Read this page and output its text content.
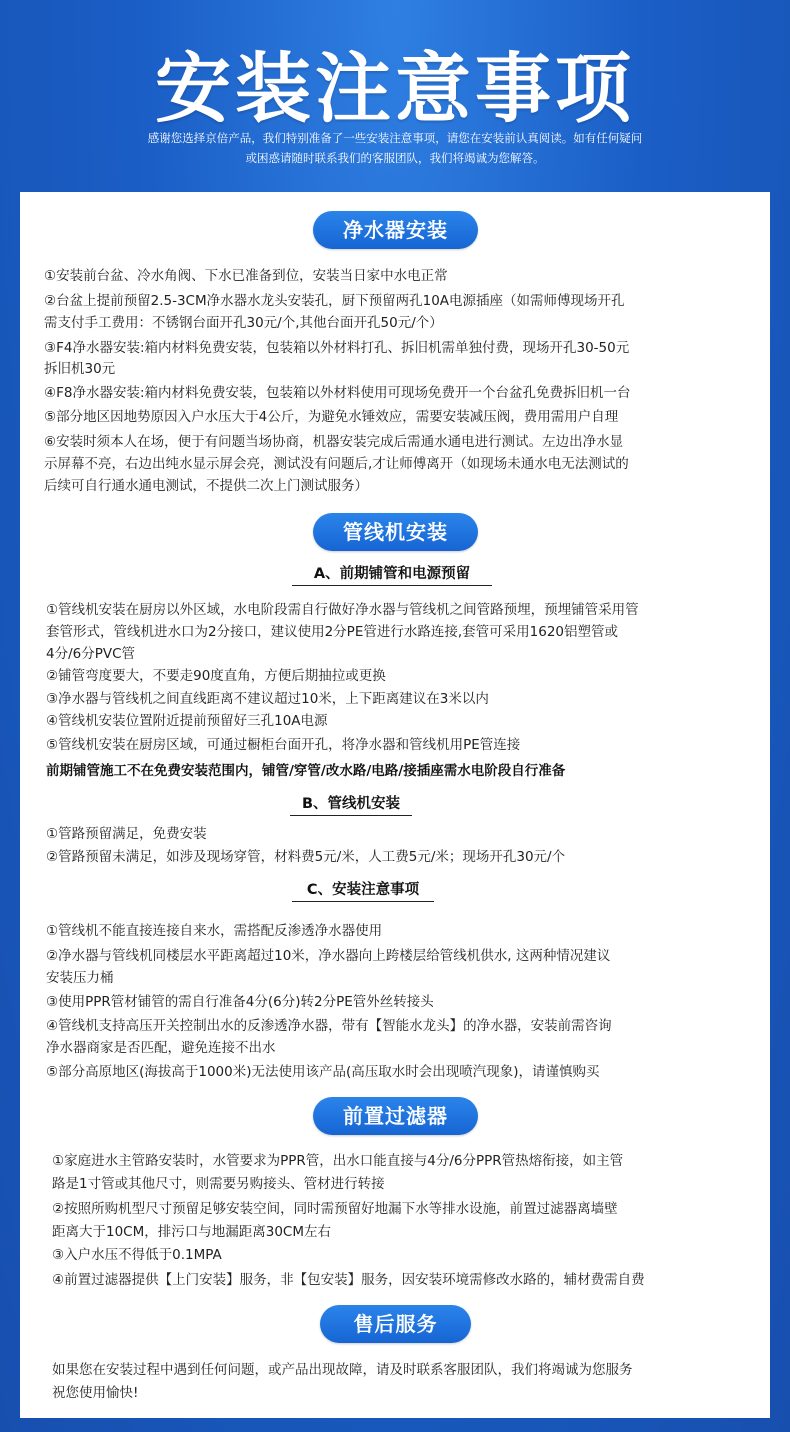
安装注意事项
感谢您选择京倍产品，我们特别准备了一些安装注意事项，请您在安装前认真阅读。如有任何疑问
或困惑请随时联系我们的客服团队，我们将竭诚为您解答。
净水器安装
①安装前台盆、冷水角阀、下水已准备到位，安装当日家中水电正常
②台盆上提前预留2.5-3CM净水器水龙头安装孔，厨下预留两孔10A电源插座（如需师傅现场开孔
需支付手工费用：不锈钢台面开孔30元/个,其他台面开孔50元/个）
③F4净水器安装:箱内材料免费安装，包装箱以外材料打孔、拆旧机需单独付费，现场开孔30-50元
拆旧机30元
④F8净水器安装:箱内材料免费安装，包装箱以外材料使用可现场免费开一个台盆孔免费拆旧机一台
⑤部分地区因地势原因入户水压大于4公斤，为避免水锤效应，需要安装减压阀，费用需用户自理
⑥安装时须本人在场，便于有问题当场协商，机器安装完成后需通水通电进行测试。左边出净水显
示屏幕不亮，右边出纯水显示屏会亮，测试没有问题后,才让师傅离开（如现场未通水电无法测试的
后续可自行通水通电测试，不提供二次上门测试服务）
管线机安装
A、前期铺管和电源预留
①管线机安装在厨房以外区域，水电阶段需自行做好净水器与管线机之间管路预埋，预埋铺管采用管
套管形式，管线机进水口为2分接口，建议使用2分PE管进行水路连接,套管可采用1620铝塑管或
4分/6分PVC管
②铺管弯度要大，不要走90度直角，方便后期抽拉或更换
③净水器与管线机之间直线距离不建议超过10米，上下距离建议在3米以内
④管线机安装位置附近提前预留好三孔10A电源
⑤管线机安装在厨房区域，可通过橱柜台面开孔，将净水器和管线机用PE管连接
前期铺管施工不在免费安装范围内，铺管/穿管/改水路/电路/接插座需水电阶段自行准备
B、管线机安装
①管路预留满足，免费安装
②管路预留未满足，如涉及现场穿管，材料费5元/米，人工费5元/米；现场开孔30元/个
C、安装注意事项
①管线机不能直接连接自来水，需搭配反渗透净水器使用
②净水器与管线机同楼层水平距离超过10米，净水器向上跨楼层给管线机供水, 这两种情况建议
安装压力桶
③使用PPR管材铺管的需自行准备4分(6分)转2分PE管外丝转接头
④管线机支持高压开关控制出水的反渗透净水器，带有【智能水龙头】的净水器，安装前需咨询
净水器商家是否匹配，避免连接不出水
⑤部分高原地区(海拔高于1000米)无法使用该产品(高压取水时会出现喷汽现象)，请谨慎购买
前置过滤器
①家庭进水主管路安装时，水管要求为PPR管，出水口能直接与4分/6分PPR管热熔衔接，如主管
路是1寸管或其他尺寸，则需要另购接头、管材进行转接
②按照所购机型尺寸预留足够安装空间，同时需预留好地漏下水等排水设施，前置过滤器离墙壁
距离大于10CM，排污口与地漏距离30CM左右
③入户水压不得低于0.1MPA
④前置过滤器提供【上门安装】服务，非【包安装】服务，因安装环境需修改水路的，辅材费需自费
售后服务
如果您在安装过程中遇到任何问题，或产品出现故障，请及时联系客服团队，我们将竭诚为您服务
祝您使用愉快!
